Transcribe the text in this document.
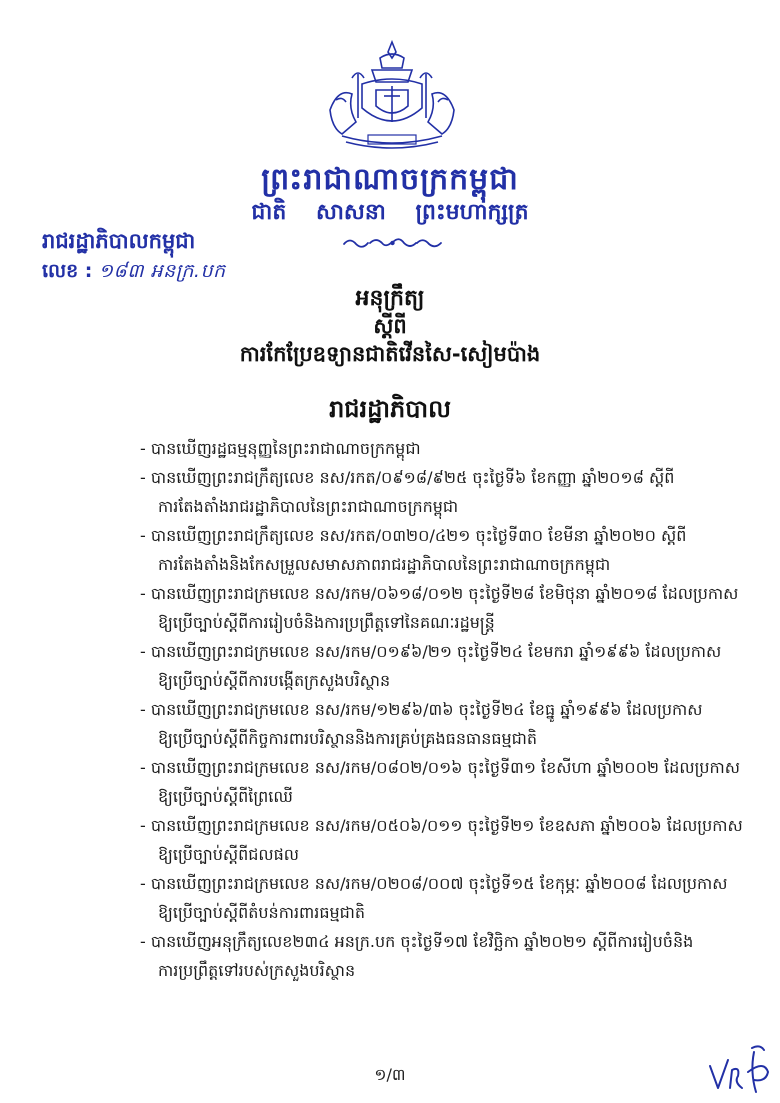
ព្រះរាជាណាចក្រកម្ពុជា
ជាតិ សាសនា ព្រះមហាក្សត្រ
រាជរដ្ឋាភិបាលកម្ពុជា
លេខ : ១៨៣ អនក្រ.បក
អនុក្រឹត្យ
ស្ដីពី
ការកែប្រែឧទ្យានជាតិវើនសៃ-សៀមប៉ាង
រាជរដ្ឋាភិបាល
- បានឃើញរដ្ឋធម្មនុញ្ញនៃព្រះរាជាណាចក្រកម្ពុជា
- បានឃើញព្រះរាជក្រឹត្យលេខ នស/រកត/០៩១៨/៩២៥ ចុះថ្ងៃទី៦ ខែកញ្ញា ឆ្នាំ២០១៨ ស្ដីពី
ការតែងតាំងរាជរដ្ឋាភិបាលនៃព្រះរាជាណាចក្រកម្ពុជា
- បានឃើញព្រះរាជក្រឹត្យលេខ នស/រកត/០៣២០/៤២១ ចុះថ្ងៃទី៣០ ខែមីនា ឆ្នាំ២០២០ ស្ដីពី
ការតែងតាំងនិងកែសម្រួលសមាសភាពរាជរដ្ឋាភិបាលនៃព្រះរាជាណាចក្រកម្ពុជា
- បានឃើញព្រះរាជក្រមលេខ នស/រកម/០៦១៨/០១២ ចុះថ្ងៃទី២៨ ខែមិថុនា ឆ្នាំ២០១៨ ដែលប្រកាស
ឱ្យប្រើច្បាប់ស្ដីពីការរៀបចំនិងការប្រព្រឹត្តទៅនៃគណៈរដ្ឋមន្ត្រី
- បានឃើញព្រះរាជក្រមលេខ នស/រកម/០១៩៦/២១ ចុះថ្ងៃទី២៤ ខែមករា ឆ្នាំ១៩៩៦ ដែលប្រកាស
ឱ្យប្រើច្បាប់ស្ដីពីការបង្កើតក្រសួងបរិស្ថាន
- បានឃើញព្រះរាជក្រមលេខ នស/រកម/១២៩៦/៣៦ ចុះថ្ងៃទី២៤ ខែធ្នូ ឆ្នាំ១៩៩៦ ដែលប្រកាស
ឱ្យប្រើច្បាប់ស្ដីពីកិច្ចការពារបរិស្ថាននិងការគ្រប់គ្រងធនធានធម្មជាតិ
- បានឃើញព្រះរាជក្រមលេខ នស/រកម/០៨០២/០១៦ ចុះថ្ងៃទី៣១ ខែសីហា ឆ្នាំ២០០២ ដែលប្រកាស
ឱ្យប្រើច្បាប់ស្ដីពីព្រៃឈើ
- បានឃើញព្រះរាជក្រមលេខ នស/រកម/០៥០៦/០១១ ចុះថ្ងៃទី២១ ខែឧសភា ឆ្នាំ២០០៦ ដែលប្រកាស
ឱ្យប្រើច្បាប់ស្ដីពីជលផល
- បានឃើញព្រះរាជក្រមលេខ នស/រកម/០២០៨/០០៧ ចុះថ្ងៃទី១៥ ខែកុម្ភៈ ឆ្នាំ២០០៨ ដែលប្រកាស
ឱ្យប្រើច្បាប់ស្ដីពីតំបន់ការពារធម្មជាតិ
- បានឃើញអនុក្រឹត្យលេខ២៣៤ អនក្រ.បក ចុះថ្ងៃទី១៧ ខែវិច្ឆិកា ឆ្នាំ២០២១ ស្ដីពីការរៀបចំនិង
ការប្រព្រឹត្តទៅរបស់ក្រសួងបរិស្ថាន
១/៣
